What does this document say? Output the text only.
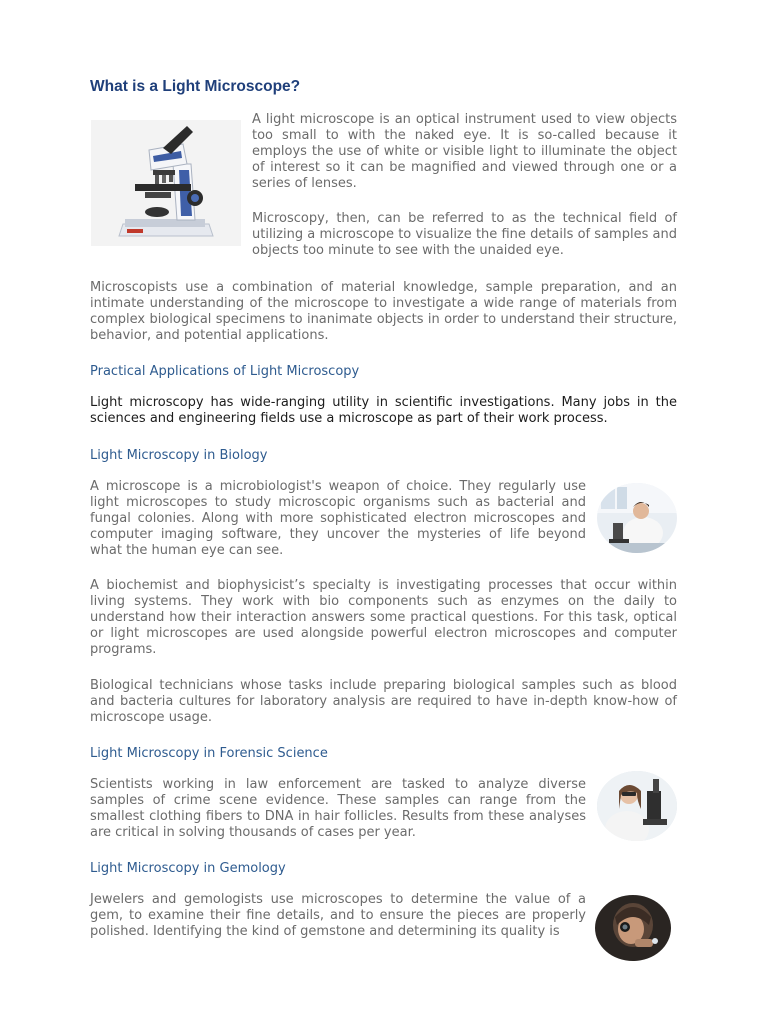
What is a Light Microscope?

A light microscope is an optical instrument used to view objects too small to with the naked eye. It is so-called because it employs the use of white or visible light to illuminate the object of interest so it can be magnified and viewed through one or a series of lenses.

Microscopy, then, can be referred to as the technical field of utilizing a microscope to visualize the fine details of samples and objects too minute to see with the unaided eye.

Microscopists use a combination of material knowledge, sample preparation, and an intimate understanding of the microscope to investigate a wide range of materials from complex biological specimens to inanimate objects in order to understand their structure, behavior, and potential applications.

Practical Applications of Light Microscopy

Light microscopy has wide-ranging utility in scientific investigations. Many jobs in the sciences and engineering fields use a microscope as part of their work process.

Light Microscopy in Biology

A microscope is a microbiologist's weapon of choice. They regularly use light microscopes to study microscopic organisms such as bacterial and fungal colonies. Along with more sophisticated electron microscopes and computer imaging software, they uncover the mysteries of life beyond what the human eye can see.

A biochemist and biophysicist’s specialty is investigating processes that occur within living systems. They work with bio components such as enzymes on the daily to understand how their interaction answers some practical questions. For this task, optical or light microscopes are used alongside powerful electron microscopes and computer programs.

Biological technicians whose tasks include preparing biological samples such as blood and bacteria cultures for laboratory analysis are required to have in-depth know-how of microscope usage.

Light Microscopy in Forensic Science

Scientists working in law enforcement are tasked to analyze diverse samples of crime scene evidence. These samples can range from the smallest clothing fibers to DNA in hair follicles. Results from these analyses are critical in solving thousands of cases per year.

Light Microscopy in Gemology

Jewelers and gemologists use microscopes to determine the value of a gem, to examine their fine details, and to ensure the pieces are properly polished. Identifying the kind of gemstone and determining its quality is
